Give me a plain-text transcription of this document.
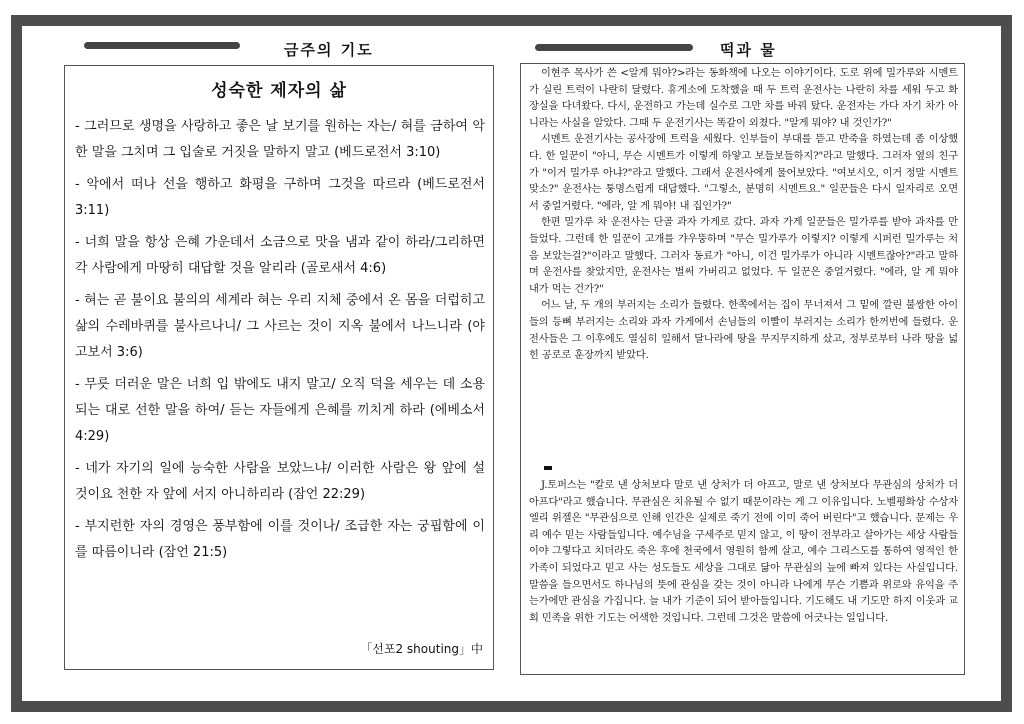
금주의 기도	떡과 물
성숙한 제자의 삶
- 그러므로 생명을 사랑하고 좋은 날 보기를 원하는 자는/ 혀를 금하여 악한 말을 그치며 그 입술로 거짓을 말하지 말고 (베드로전서 3:10)
- 악에서 떠나 선을 행하고 화평을 구하며 그것을 따르라 (베드로전서 3:11)
- 너희 말을 항상 은혜 가운데서 소금으로 맛을 냄과 같이 하라/그리하면 각 사람에게 마땅히 대답할 것을 알리라 (골로새서 4:6)
- 혀는 곧 불이요 불의의 세계라 혀는 우리 지체 중에서 온 몸을 더럽히고 삶의 수레바퀴를 불사르나니/ 그 사르는 것이 지옥 불에서 나느니라 (야고보서 3:6)
- 무릇 더러운 말은 너희 입 밖에도 내지 말고/ 오직 덕을 세우는 데 소용되는 대로 선한 말을 하여/ 듣는 자들에게 은혜를 끼치게 하라 (에베소서 4:29)
- 네가 자기의 일에 능숙한 사람을 보았느냐/ 이러한 사람은 왕 앞에 설 것이요 천한 자 앞에 서지 아니하리라 (잠언 22:29)
- 부지런한 자의 경영은 풍부함에 이를 것이나/ 조급한 자는 궁핍함에 이를 따름이니라 (잠언 21:5)
「선포2 shouting」中

이현주 목사가 쓴 <알게 뭐야?>라는 동화책에 나오는 이야기이다. 도로 위에 밀가루와 시멘트가 실린 트럭이 나란히 달렸다. 휴게소에 도착했을 때 두 트럭 운전사는 나란히 차를 세워 두고 화장실을 다녀왔다. 다시, 운전하고 가는데 실수로 그만 차를 바꿔 탔다. 운전자는 가다 자기 차가 아니라는 사실을 알았다. 그때 두 운전기사는 똑같이 외쳤다. "알게 뭐야? 내 것인가?"

시멘트 운전기사는 공사장에 트럭을 세웠다. 인부들이 부대를 뜯고 반죽을 하였는데 좀 이상했다. 한 일꾼이 "아니, 무슨 시멘트가 이렇게 하얗고 보들보들하지?"라고 말했다. 그러자 옆의 친구가 "이거 밀가루 아냐?"라고 말했다. 그래서 운전사에게 물어보았다. "여보시오, 이거 정말 시멘트 맞소?" 운전사는 퉁명스럽게 대답했다. "그렇소, 분명히 시멘트요." 일꾼들은 다시 일자리로 오면서 중얼거렸다. "에라, 알 게 뭐야! 내 집인가?"

한편 밀가루 차 운전사는 단골 과자 가게로 갔다. 과자 가게 일꾼들은 밀가루를 받아 과자를 만들었다. 그런데 한 일꾼이 고개를 갸우뚱하며 "무슨 밀가루가 이렇지? 이렇게 시퍼런 밀가루는 처음 보았는걸?"이라고 말했다. 그러자 동료가 "아니, 이건 밀가루가 아니라 시멘트잖아?"라고 말하며 운전사를 찾았지만, 운전사는 벌써 가버리고 없었다. 두 일꾼은 중얼거렸다. "에라, 알 게 뭐야 내가 먹는 건가?"

어느 날, 두 개의 부러지는 소리가 들렸다. 한쪽에서는 집이 무너져서 그 밑에 깔린 불쌍한 아이들의 등뼈 부러지는 소리와 과자 가게에서 손님들의 이빨이 부러지는 소리가 한꺼번에 들렸다. 운전사들은 그 이후에도 열심히 일해서 달나라에 땅을 무지무지하게 샀고, 정부로부터 나라 땅을 넓힌 공로로 훈장까지 받았다.

J.토퍼스는 "칼로 낸 상처보다 말로 낸 상처가 더 아프고, 말로 낸 상처보다 무관심의 상처가 더 아프다"라고 했습니다. 무관심은 치유될 수 없기 때문이라는 게 그 이유입니다. 노벨평화상 수상자 엘리 위젤은 "무관심으로 인해 인간은 실제로 죽기 전에 이미 죽어 버린다"고 했습니다. 문제는 우리 예수 믿는 사람들입니다. 예수님을 구세주로 믿지 않고, 이 땅이 전부라고 살아가는 세상 사람들이야 그렇다고 치더라도 죽은 후에 천국에서 영원히 함께 살고, 예수 그리스도를 통하여 영적인 한 가족이 되었다고 믿고 사는 성도들도 세상을 그대로 닮아 무관심의 늪에 빠져 있다는 사실입니다. 말씀을 들으면서도 하나님의 뜻에 관심을 갖는 것이 아니라 나에게 무슨 기쁨과 위로와 유익을 주는가에만 관심을 가집니다. 늘 내가 기준이 되어 받아들입니다. 기도해도 내 기도만 하지 이웃과 교회 민족을 위한 기도는 어색한 것입니다. 그런데 그것은 말씀에 어긋나는 일입니다.
